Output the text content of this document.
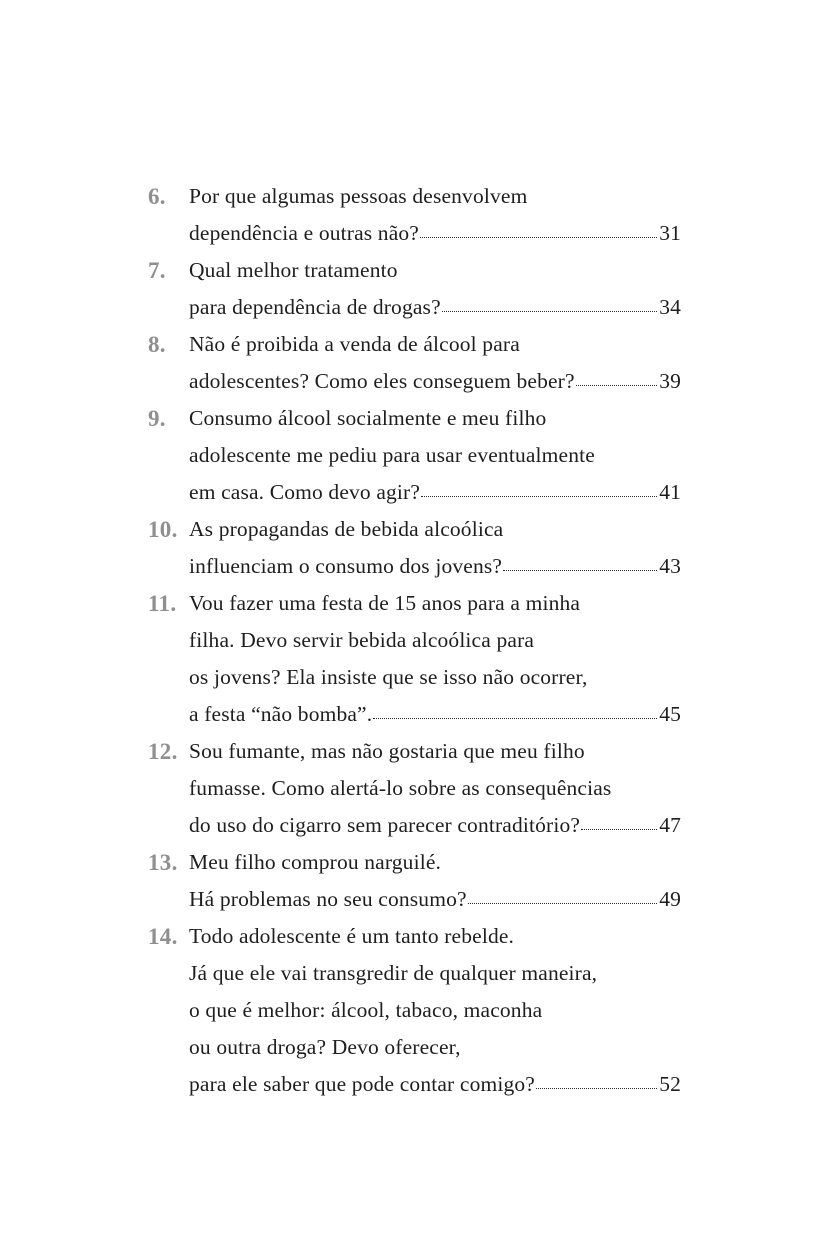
6. Por que algumas pessoas desenvolvem
dependência e outras não?	31
7. Qual melhor tratamento
para dependência de drogas?	34
8. Não é proibida a venda de álcool para
adolescentes? Como eles conseguem beber?	39
9. Consumo álcool socialmente e meu filho
adolescente me pediu para usar eventualmente
em casa. Como devo agir?	41
10. As propagandas de bebida alcoólica
influenciam o consumo dos jovens?	43
11. Vou fazer uma festa de 15 anos para a minha
filha. Devo servir bebida alcoólica para
os jovens? Ela insiste que se isso não ocorrer,
a festa “não bomba”.	45
12. Sou fumante, mas não gostaria que meu filho
fumasse. Como alertá-lo sobre as consequências
do uso do cigarro sem parecer contraditório?	47
13. Meu filho comprou narguilé.
Há problemas no seu consumo?	49
14. Todo adolescente é um tanto rebelde.
Já que ele vai transgredir de qualquer maneira,
o que é melhor: álcool, tabaco, maconha
ou outra droga? Devo oferecer,
para ele saber que pode contar comigo?	52
